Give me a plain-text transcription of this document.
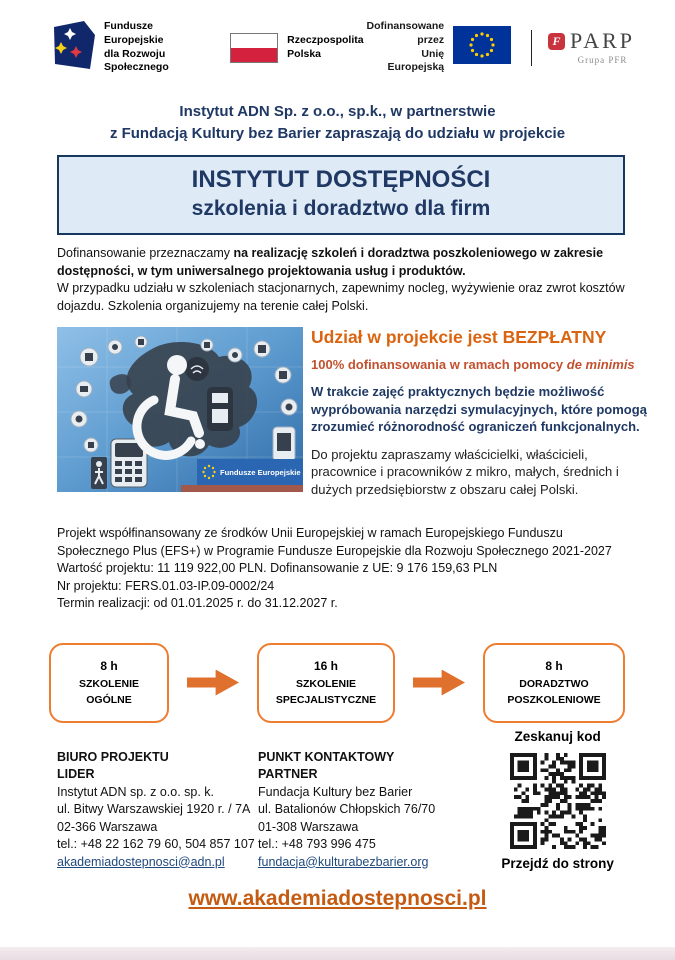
Fundusze Europejskie
dla Rozwoju Społecznego
Rzeczpospolita
Polska
Dofinansowane przez
Unię Europejską
F PARP
Grupa PFR
Instytut ADN Sp. z o.o., sp.k., w partnerstwie
z Fundacją Kultury bez Barier zapraszają do udziału w projekcie
INSTYTUT DOSTĘPNOŚCI
szkolenia i doradztwo dla firm
Dofinansowanie przeznaczamy na realizację szkoleń i doradztwa poszkoleniowego w zakresie dostępności, w tym uniwersalnego projektowania usług i produktów.
W przypadku udziału w szkoleniach stacjonarnych, zapewnimy nocleg, wyżywienie oraz zwrot kosztów dojazdu. Szkolenia organizujemy na terenie całej Polski.
Fundusze Europejskie
Udział w projekcie jest BEZPŁATNY
100% dofinansowania w ramach pomocy de minimis
W trakcie zajęć praktycznych będzie możliwość wypróbowania narzędzi symulacyjnych, które pomogą zrozumieć różnorodność ograniczeń funkcjonalnych.
Do projektu zapraszamy właścicielki, właścicieli, pracownice i pracowników z mikro, małych, średnich i dużych przedsiębiorstw z obszaru całej Polski.
Projekt współfinansowany ze środków Unii Europejskiej w ramach Europejskiego Funduszu Społecznego Plus (EFS+) w Programie Fundusze Europejskie dla Rozwoju Społecznego 2021-2027
Wartość projektu: 11 119 922,00 PLN. Dofinansowanie z UE: 9 176 159,63 PLN
Nr projektu: FERS.01.03-IP.09-0002/24
Termin realizacji: od 01.01.2025 r. do 31.12.2027 r.
8 h
SZKOLENIE
OGÓLNE
16 h
SZKOLENIE
SPECJALISTYCZNE
8 h
DORADZTWO
POSZKOLENIOWE
BIURO PROJEKTU
LIDER
Instytut ADN sp. z o.o. sp. k.
ul. Bitwy Warszawskiej 1920 r. / 7A
02-366 Warszawa
tel.: +48 22 162 79 60, 504 857 107
akademiadostepnosci@adn.pl
PUNKT KONTAKTOWY
PARTNER
Fundacja Kultury bez Barier
ul. Batalionów Chłopskich 76/70
01-308 Warszawa
tel.: +48 793 996 475
fundacja@kulturabezbarier.org
Zeskanuj kod
Przejdź do strony
www.akademiadostepnosci.pl
